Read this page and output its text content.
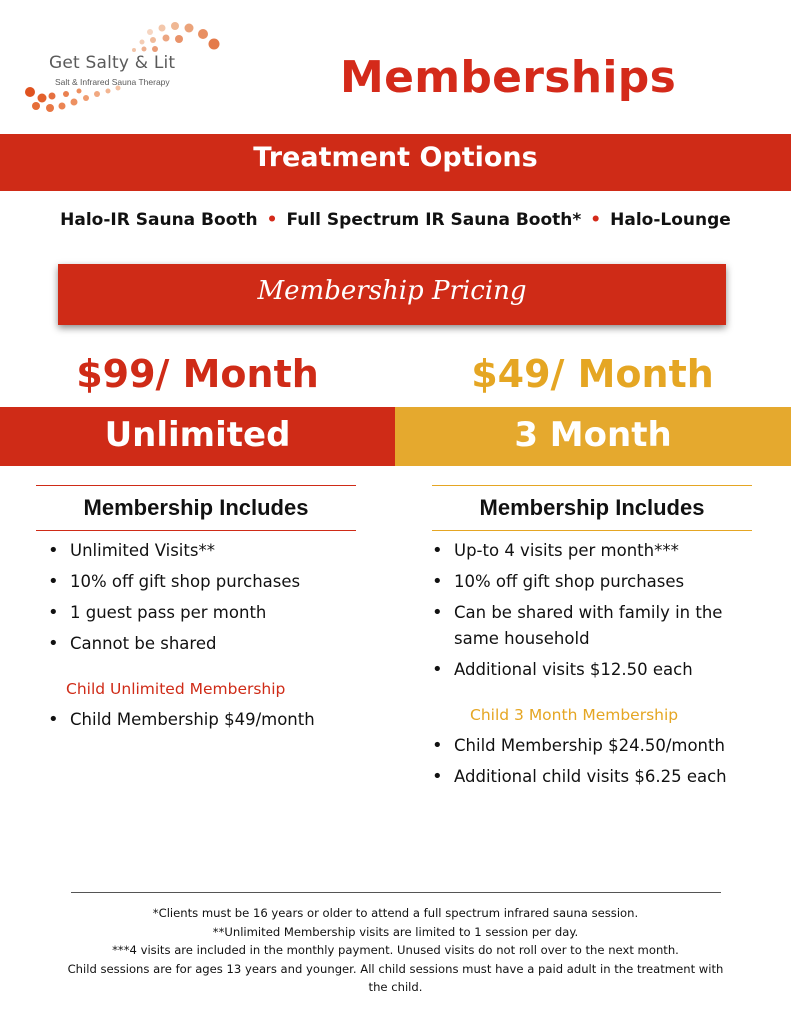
Get Salty & Lit
Salt & Infrared Sauna Therapy	Memberships
Treatment Options
Halo-IR Sauna Booth • Full Spectrum IR Sauna Booth* • Halo-Lounge
Membership Pricing
$99/ Month	$49/ Month
Unlimited	3 Month
Membership Includes	Membership Includes
• Unlimited Visits**
• 10% off gift shop purchases
• 1 guest pass per month
• Cannot be shared
Child Unlimited Membership
• Child Membership $49/month
• Up-to 4 visits per month***
• 10% off gift shop purchases
• Can be shared with family in the same household
• Additional visits $12.50 each
Child 3 Month Membership
• Child Membership $24.50/month
• Additional child visits $6.25 each
*Clients must be 16 years or older to attend a full spectrum infrared sauna session.
**Unlimited Membership visits are limited to 1 session per day.
***4 visits are included in the monthly payment. Unused visits do not roll over to the next month.
Child sessions are for ages 13 years and younger. All child sessions must have a paid adult in the treatment with the child.
